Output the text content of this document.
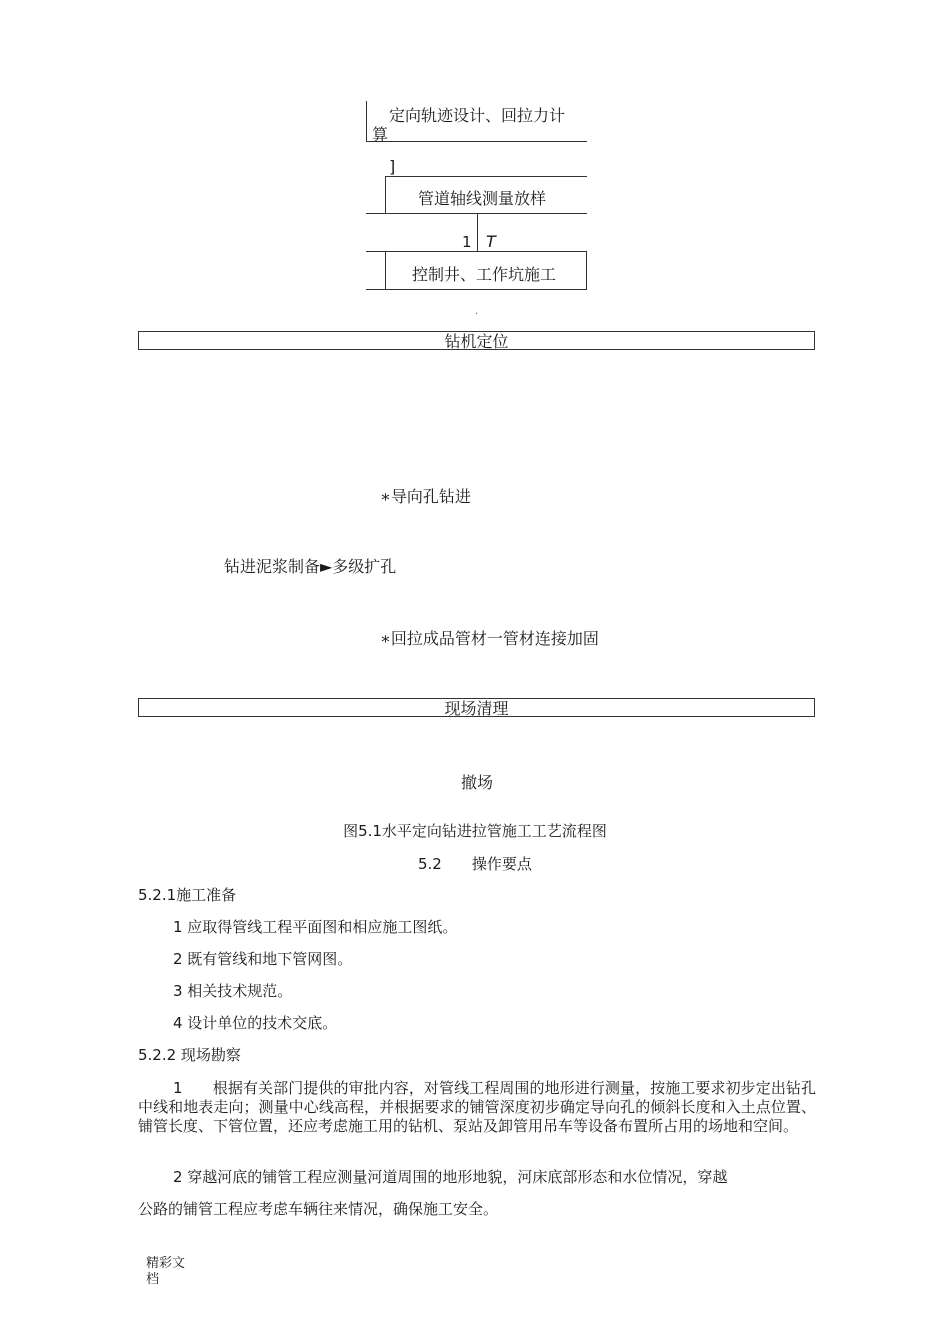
定向轨迹设计、回拉力计
算
]
管道轴线测量放样
1 T
控制井、工作坑施工
.
钻机定位
∗导向孔钻进
钻进泥浆制备►多级扩孔
∗回拉成品管材一管材连接加固
现场清理
撤场
图5.1水平定向钻进拉管施工工艺流程图
5.2　　操作要点
5.2.1施工准备
1 应取得管线工程平面图和相应施工图纸。
2 既有管线和地下管网图。
3 相关技术规范。
4 设计单位的技术交底。
5.2.2 现场勘察
1　　根据有关部门提供的审批内容，对管线工程周围的地形进行测量，按施工要求初步定出钻孔中线和地表走向；测量中心线高程，并根据要求的铺管深度初步确定导向孔的倾斜长度和入土点位置、铺管长度、下管位置，还应考虑施工用的钻机、泵站及卸管用吊车等设备布置所占用的场地和空间。
2 穿越河底的铺管工程应测量河道周围的地形地貌，河床底部形态和水位情况，穿越
公路的铺管工程应考虑车辆往来情况，确保施工安全。
精彩文
档
